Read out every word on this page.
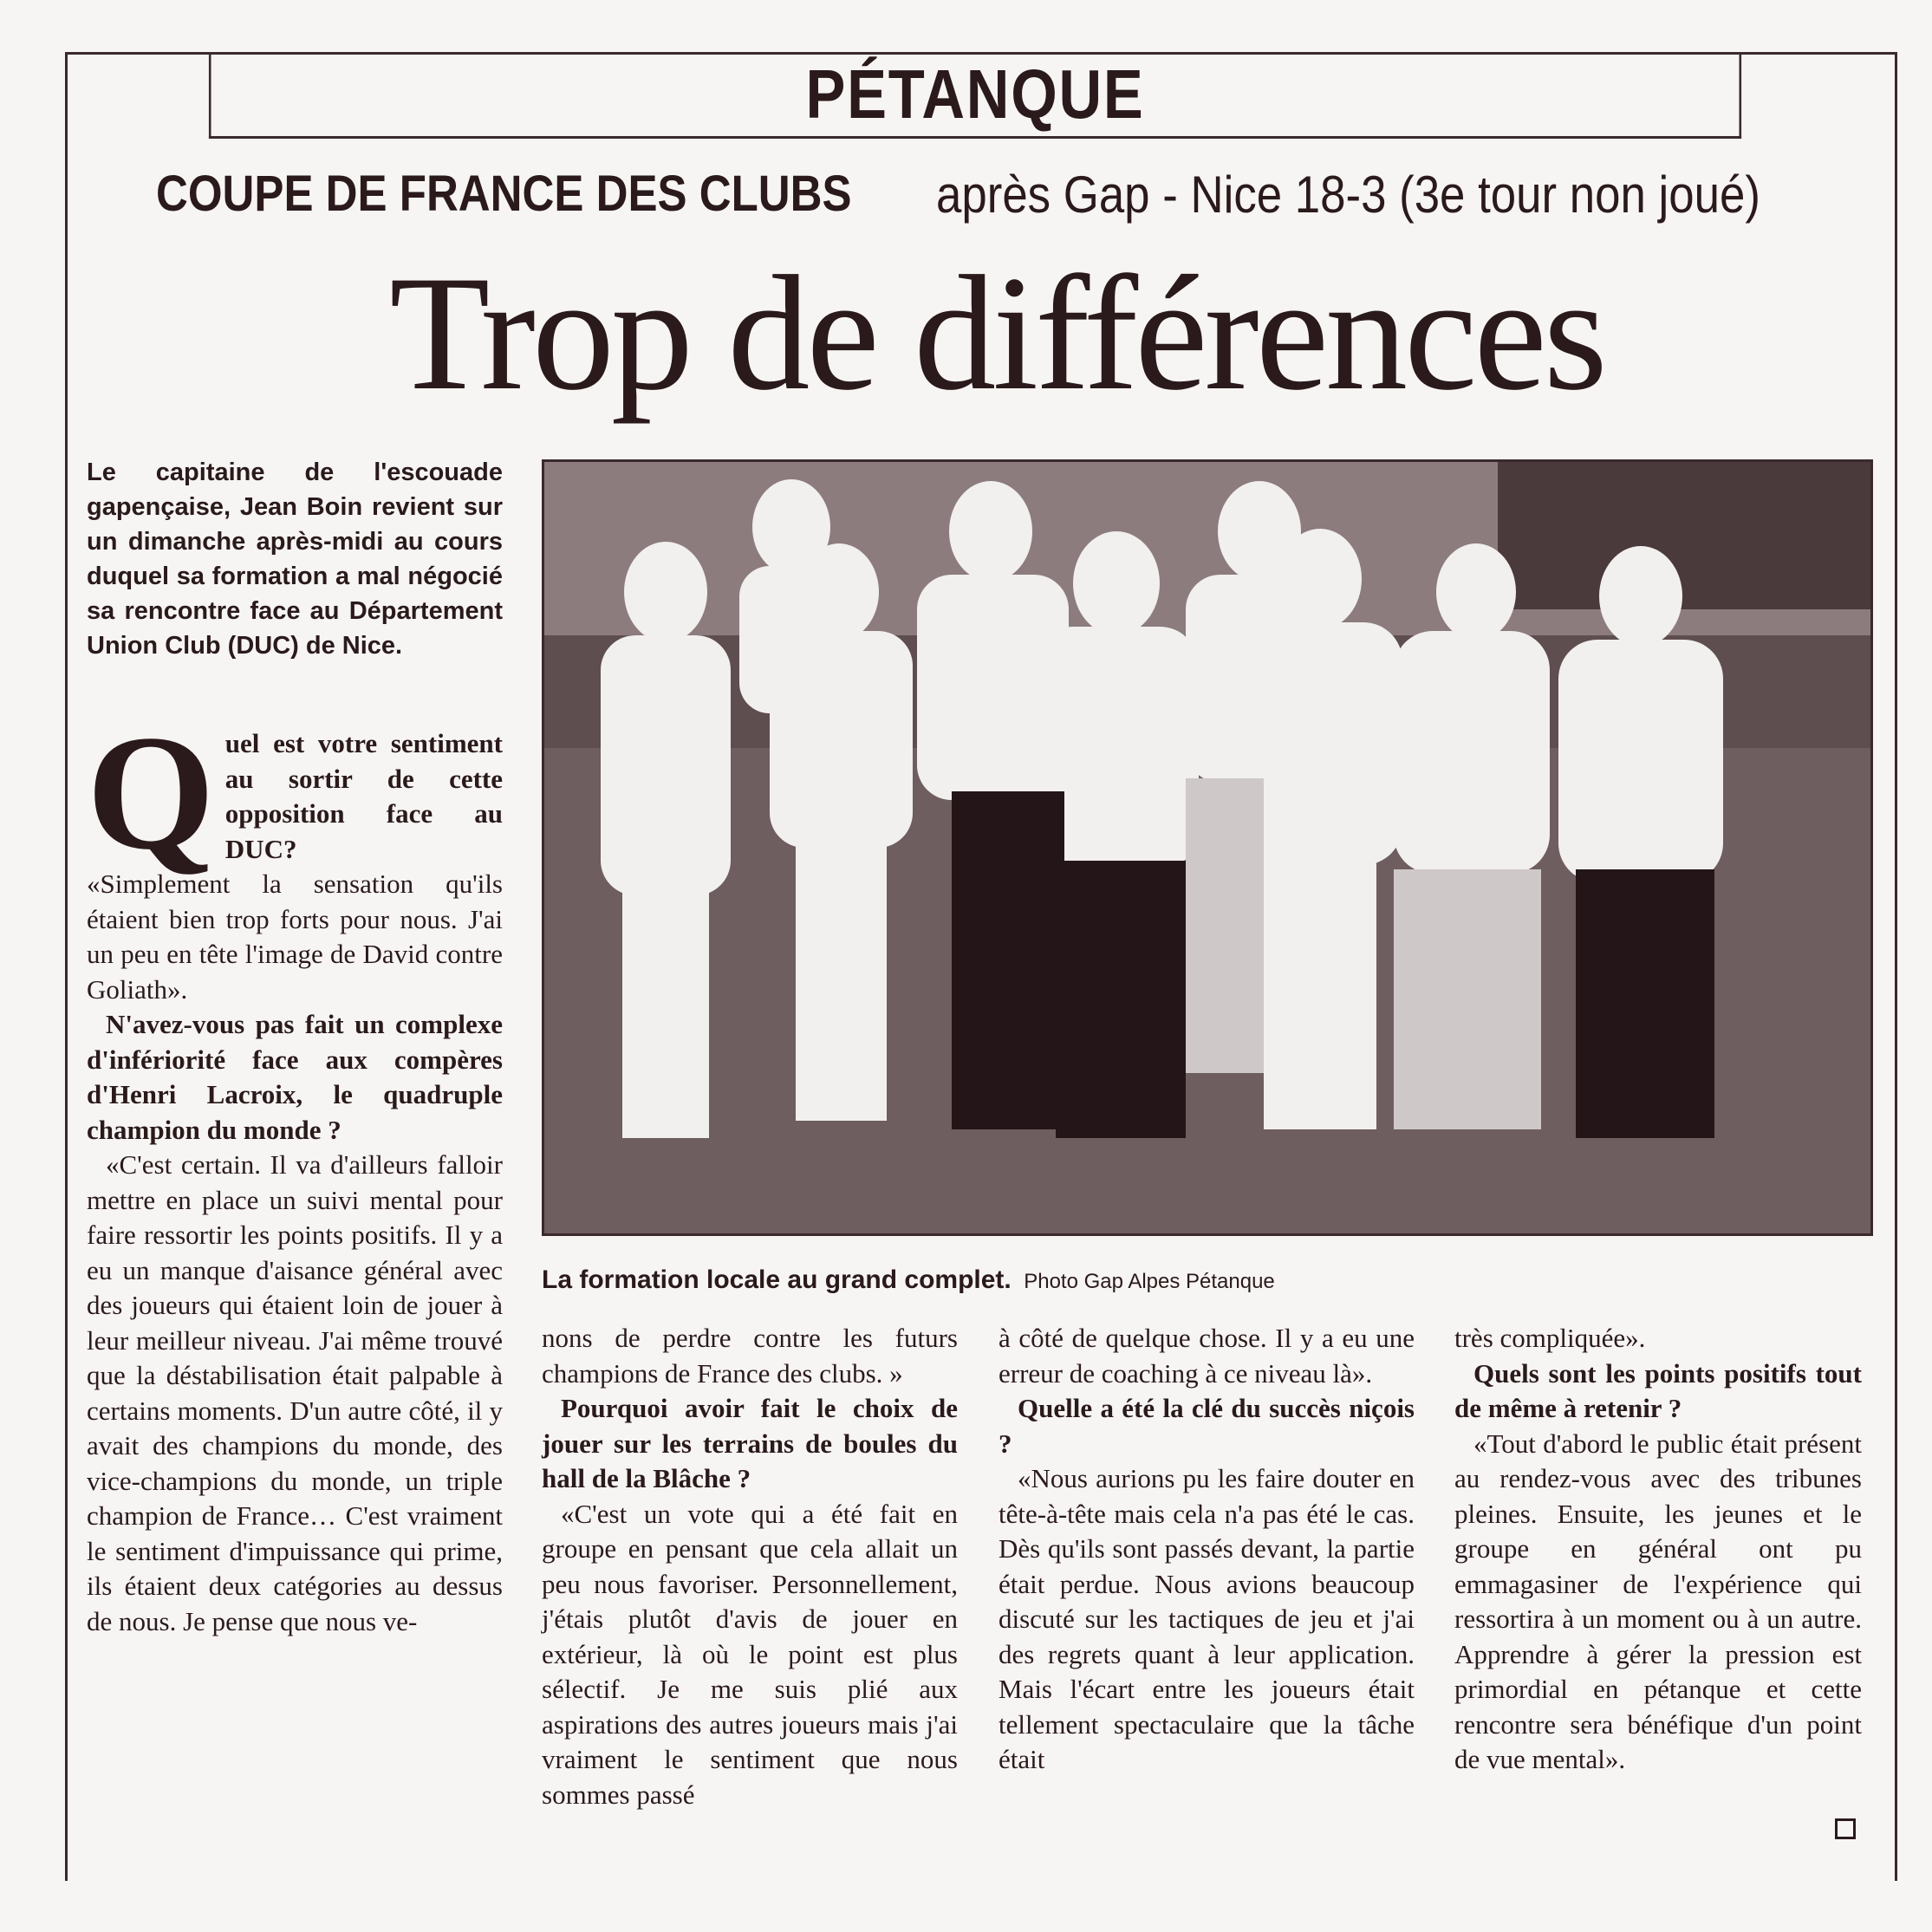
PÉTANQUE
COUPE DE FRANCE DES CLUBS après Gap - Nice 18-3 (3e tour non joué)
Trop de différences
Le capitaine de l'escouade gapençaise, Jean Boin revient sur un dimanche après-midi au cours duquel sa formation a mal négocié sa rencontre face au Département Union Club (DUC) de Nice.
La formation locale au grand complet. Photo Gap Alpes Pétanque

Quel est votre sentiment au sortir de cette opposition face au DUC?

«Simplement la sensation qu'ils étaient bien trop forts pour nous. J'ai un peu en tête l'image de David contre Goliath».

N'avez-vous pas fait un complexe d'infériorité face aux compères d'Henri Lacroix, le quadruple champion du monde ?

«C'est certain. Il va d'ailleurs falloir mettre en place un suivi mental pour faire ressortir les points positifs. Il y a eu un manque d'aisance général avec des joueurs qui étaient loin de jouer à leur meilleur niveau. J'ai même trouvé que la déstabilisation était palpable à certains moments. D'un autre côté, il y avait des champions du monde, des vice-champions du monde, un triple champion de France… C'est vraiment le sentiment d'impuissance qui prime, ils étaient deux catégories au dessus de nous. Je pense que nous ve-

nons de perdre contre les futurs champions de France des clubs. »

Pourquoi avoir fait le choix de jouer sur les terrains de boules du hall de la Blâche ?

«C'est un vote qui a été fait en groupe en pensant que cela allait un peu nous favoriser. Personnellement, j'étais plutôt d'avis de jouer en extérieur, là où le point est plus sélectif. Je me suis plié aux aspirations des autres joueurs mais j'ai vraiment le sentiment que nous sommes passé

à côté de quelque chose. Il y a eu une erreur de coaching à ce niveau là».

Quelle a été la clé du succès niçois ?

«Nous aurions pu les faire douter en tête-à-tête mais cela n'a pas été le cas. Dès qu'ils sont passés devant, la partie était perdue. Nous avions beaucoup discuté sur les tactiques de jeu et j'ai des regrets quant à leur application. Mais l'écart entre les joueurs était tellement spectaculaire que la tâche était

très compliquée».

Quels sont les points positifs tout de même à retenir ?

«Tout d'abord le public était présent au rendez-vous avec des tribunes pleines. Ensuite, les jeunes et le groupe en général ont pu emmagasiner de l'expérience qui ressortira à un moment ou à un autre. Apprendre à gérer la pression est primordial en pétanque et cette rencontre sera bénéfique d'un point de vue mental».
